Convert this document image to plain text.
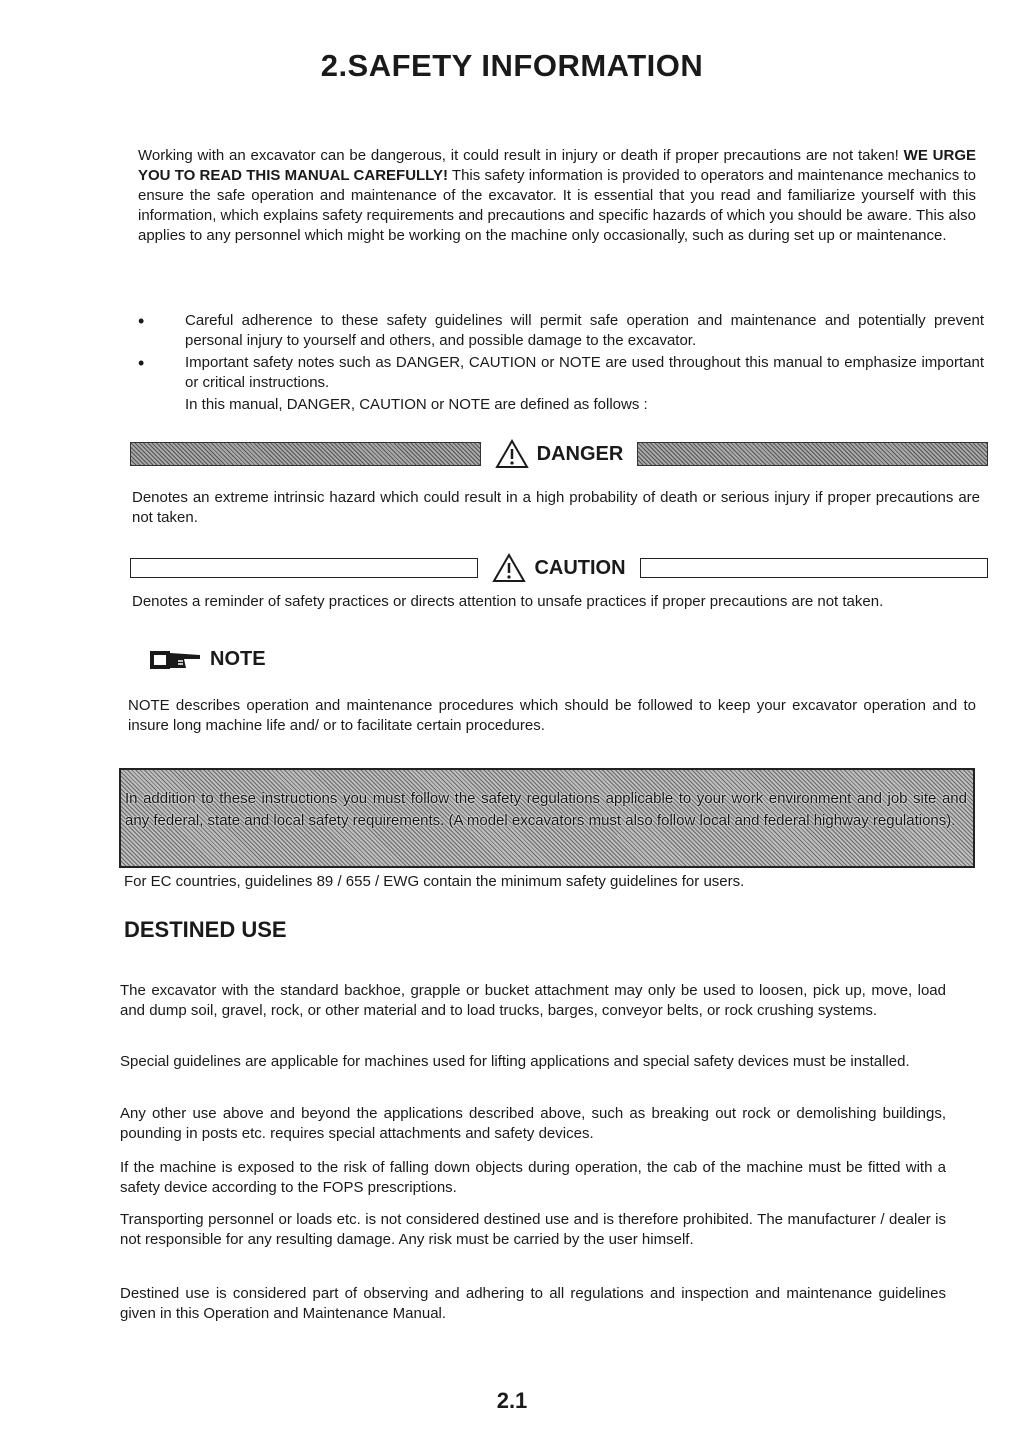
2.SAFETY INFORMATION
Working with an excavator can be dangerous, it could result in injury or death if proper precautions are not taken! WE URGE YOU TO READ THIS MANUAL CAREFULLY! This safety information is provided to operators and maintenance mechanics to ensure the safe operation and maintenance of the excavator. It is essential that you read and familiarize yourself with this information, which explains safety requirements and precautions and specific hazards of which you should be aware. This also applies to any personnel which might be working on the machine only occasionally, such as during set up or maintenance.
•	Careful adherence to these safety guidelines will permit safe operation and maintenance and potentially prevent personal injury to yourself and others, and possible damage to the excavator.
•	Important safety notes such as DANGER, CAUTION or NOTE are used throughout this manual to emphasize important or critical instructions.
In this manual, DANGER, CAUTION or NOTE are defined as follows :
DANGER
Denotes an extreme intrinsic hazard which could result in a high probability of death or serious injury if proper precautions are not taken.
CAUTION
Denotes a reminder of safety practices or directs attention to unsafe practices if proper precautions are not taken.
NOTE
NOTE describes operation and maintenance procedures which should be followed to keep your excavator operation and to insure long machine life and/ or to facilitate certain procedures.
In addition to these instructions you must follow the safety regulations applicable to your work environment and job site and any federal, state and local safety requirements. (A model excavators must also follow local and federal highway regulations).
For EC countries, guidelines 89 / 655 / EWG contain the minimum safety guidelines for users.
DESTINED USE
The excavator with the standard backhoe, grapple or bucket attachment may only be used to loosen, pick up, move, load and dump soil, gravel, rock, or other material and to load trucks, barges, conveyor belts, or rock crushing systems.
Special guidelines are applicable for machines used for lifting applications and special safety devices must be installed.
Any other use above and beyond the applications described above, such as breaking out rock or demolishing buildings, pounding in posts etc. requires special attachments and safety devices.
If the machine is exposed to the risk of falling down objects during operation, the cab of the machine must be fitted with a safety device according to the FOPS prescriptions.
Transporting personnel or loads etc. is not considered destined use and is therefore prohibited. The manufacturer / dealer is not responsible for any resulting damage. Any risk must be carried by the user himself.
Destined use is considered part of observing and adhering to all regulations and inspection and maintenance guidelines given in this Operation and Maintenance Manual.
2.1
